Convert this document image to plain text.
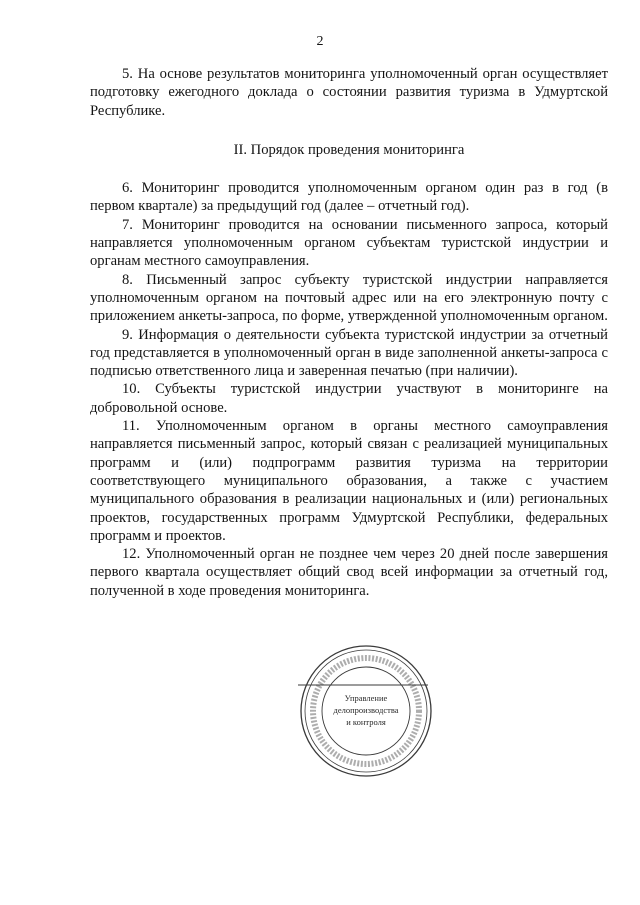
2

5. На основе результатов мониторинга уполномоченный орган осуществляет подготовку ежегодного доклада о состоянии развития туризма в Удмуртской Республике.

II. Порядок проведения мониторинга

6. Мониторинг проводится уполномоченным органом один раз в год (в первом квартале) за предыдущий год (далее – отчетный год).

7. Мониторинг проводится на основании письменного запроса, который направляется уполномоченным органом субъектам туристской индустрии и органам местного самоуправления.

8. Письменный запрос субъекту туристской индустрии направляется уполномоченным органом на почтовый адрес или на его электронную почту с приложением анкеты-запроса, по форме, утвержденной уполномоченным органом.

9. Информация о деятельности субъекта туристской индустрии за отчетный год представляется в уполномоченный орган в виде заполненной анкеты-запроса с подписью ответственного лица и заверенная печатью (при наличии).

10. Субъекты туристской индустрии участвуют в мониторинге на добровольной основе.

11. Уполномоченным органом в органы местного самоуправления направляется письменный запрос, который связан с реализацией муниципальных программ и (или) подпрограмм развития туризма на территории соответствующего муниципального образования, а также с участием муниципального образования в реализации национальных и (или) региональных проектов, государственных программ Удмуртской Республики, федеральных программ и проектов.

12. Уполномоченный орган не позднее чем через 20 дней после завершения первого квартала осуществляет общий свод всей информации за отчетный год, полученной в ходе проведения мониторинга.

Управление
делопроизводства
и контроля
